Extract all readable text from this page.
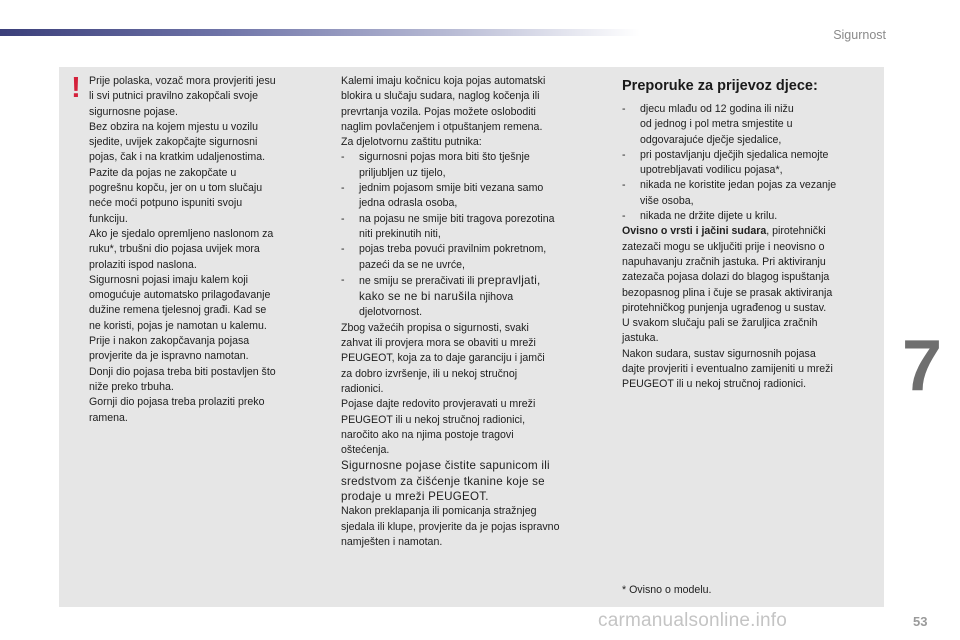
Sigurnost
! Prije polaska, vozač mora provjeriti jesu

li svi putnici pravilno zakopčali svoje

sigurnosne pojase.

Bez obzira na kojem mjestu u vozilu

sjedite, uvijek zakopčajte sigurnosni

pojas, čak i na kratkim udaljenostima.

Pazite da pojas ne zakopčate u

pogrešnu kopču, jer on u tom slučaju

neće moći potpuno ispuniti svoju

funkciju.

Ako je sjedalo opremljeno naslonom za

ruku*, trbušni dio pojasa uvijek mora

prolaziti ispod naslona.

Sigurnosni pojasi imaju kalem koji

omogućuje automatsko prilagođavanje

dužine remena tjelesnoj građi. Kad se

ne koristi, pojas je namotan u kalemu.

Prije i nakon zakopčavanja pojasa

provjerite da je ispravno namotan.

Donji dio pojasa treba biti postavljen što

niže preko trbuha.

Gornji dio pojasa treba prolaziti preko

ramena.

Kalemi imaju kočnicu koja pojas automatski

blokira u slučaju sudara, naglog kočenja ili

prevrtanja vozila. Pojas možete osloboditi

naglim povlačenjem i otpuštanjem remena.

Za djelotvornu zaštitu putnika:

- sigurnosni pojas mora biti što tješnje

priljubljen uz tijelo,

- jednim pojasom smije biti vezana samo

jedna odrasla osoba,

- na pojasu ne smije biti tragova porezotina

niti prekinutih niti,

- pojas treba povući pravilnim pokretnom,

pazeći da se ne uvrće,

- ne smiju se preračivati ili prepravljati,

kako se ne bi narušila njihova

djelotvornost.

Zbog važećih propisa o sigurnosti, svaki

zahvat ili provjera mora se obaviti u mreži

PEUGEOT, koja za to daje garanciju i jamči

za dobro izvršenje, ili u nekoj stručnoj

radionici.

Pojase dajte redovito provjeravati u mreži

PEUGEOT ili u nekoj stručnoj radionici,

naročito ako na njima postoje tragovi

oštećenja.

Sigurnosne pojase čistite sapunicom ili

sredstvom za čišćenje tkanine koje se

prodaje u mreži PEUGEOT.

Nakon preklapanja ili pomicanja stražnjeg

sjedala ili klupe, provjerite da je pojas ispravno

namješten i namotan.

Preporuke za prijevoz djece:

- djecu mlađu od 12 godina ili nižu

od jednog i pol metra smjestite u

odgovarajuće dječje sjedalice,

- pri postavljanju dječjih sjedalica nemojte

upotrebljavati vodilicu pojasa*,

- nikada ne koristite jedan pojas za vezanje

više osoba,

- nikada ne držite dijete u krilu.

Ovisno o vrsti i jačini sudara, pirotehnički

zatezači mogu se uključiti prije i neovisno o

napuhavanju zračnih jastuka. Pri aktiviranju

zatezača pojasa dolazi do blagog ispuštanja

bezopasnog plina i čuje se prasak aktiviranja

pirotehničkog punjenja ugrađenog u sustav.

U svakom slučaju pali se žaruljica zračnih

jastuka.

Nakon sudara, sustav sigurnosnih pojasa

dajte provjeriti i eventualno zamijeniti u mreži

PEUGEOT ili u nekoj stručnoj radionici.

* Ovisno o modelu.
7
carmanualsonline.info	53
